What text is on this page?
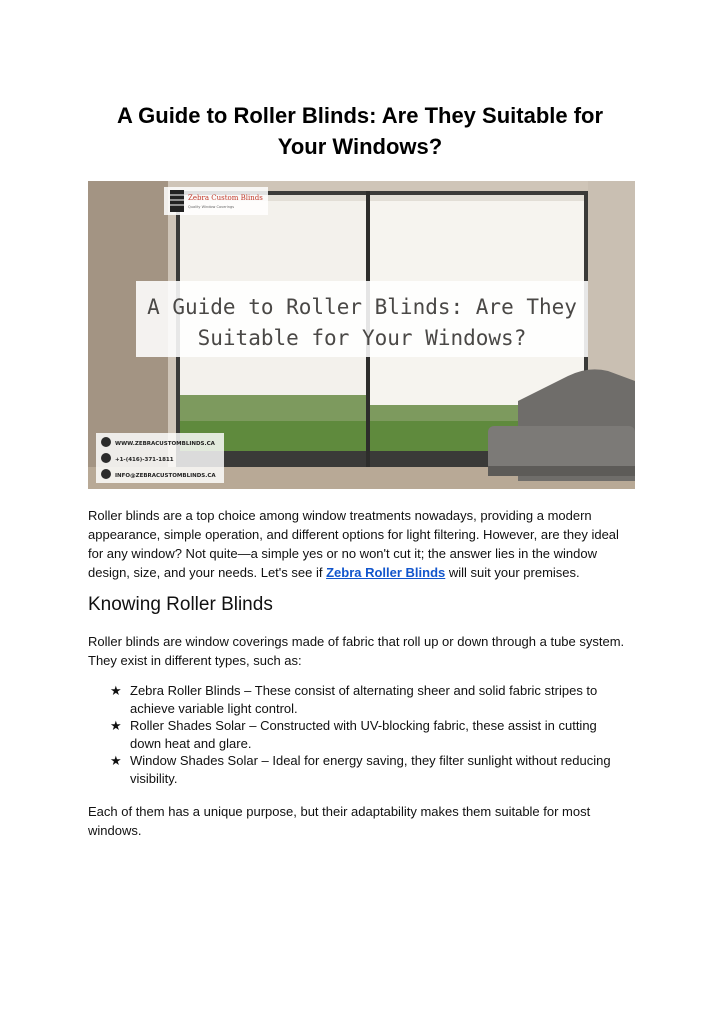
A Guide to Roller Blinds: Are They Suitable for
Your Windows?
A Guide to Roller Blinds: Are They
Suitable for Your Windows?
Zebra Custom Blinds
Quality Window Coverings
WWW.ZEBRACUSTOMBLINDS.CA
+1-(416)-371-1811
INFO@ZEBRACUSTOMBLINDS.CA

Roller blinds are a top choice among window treatments nowadays, providing a modern appearance, simple operation, and different options for light filtering. However, are they ideal for any window? Not quite—a simple yes or no won't cut it; the answer lies in the window design, size, and your needs. Let's see if Zebra Roller Blinds will suit your premises.

Knowing Roller Blinds

Roller blinds are window coverings made of fabric that roll up or down through a tube system. They exist in different types, such as:

★ Zebra Roller Blinds – These consist of alternating sheer and solid fabric stripes to achieve variable light control.
★ Roller Shades Solar – Constructed with UV-blocking fabric, these assist in cutting down heat and glare.
★ Window Shades Solar – Ideal for energy saving, they filter sunlight without reducing visibility.

Each of them has a unique purpose, but their adaptability makes them suitable for most windows.
